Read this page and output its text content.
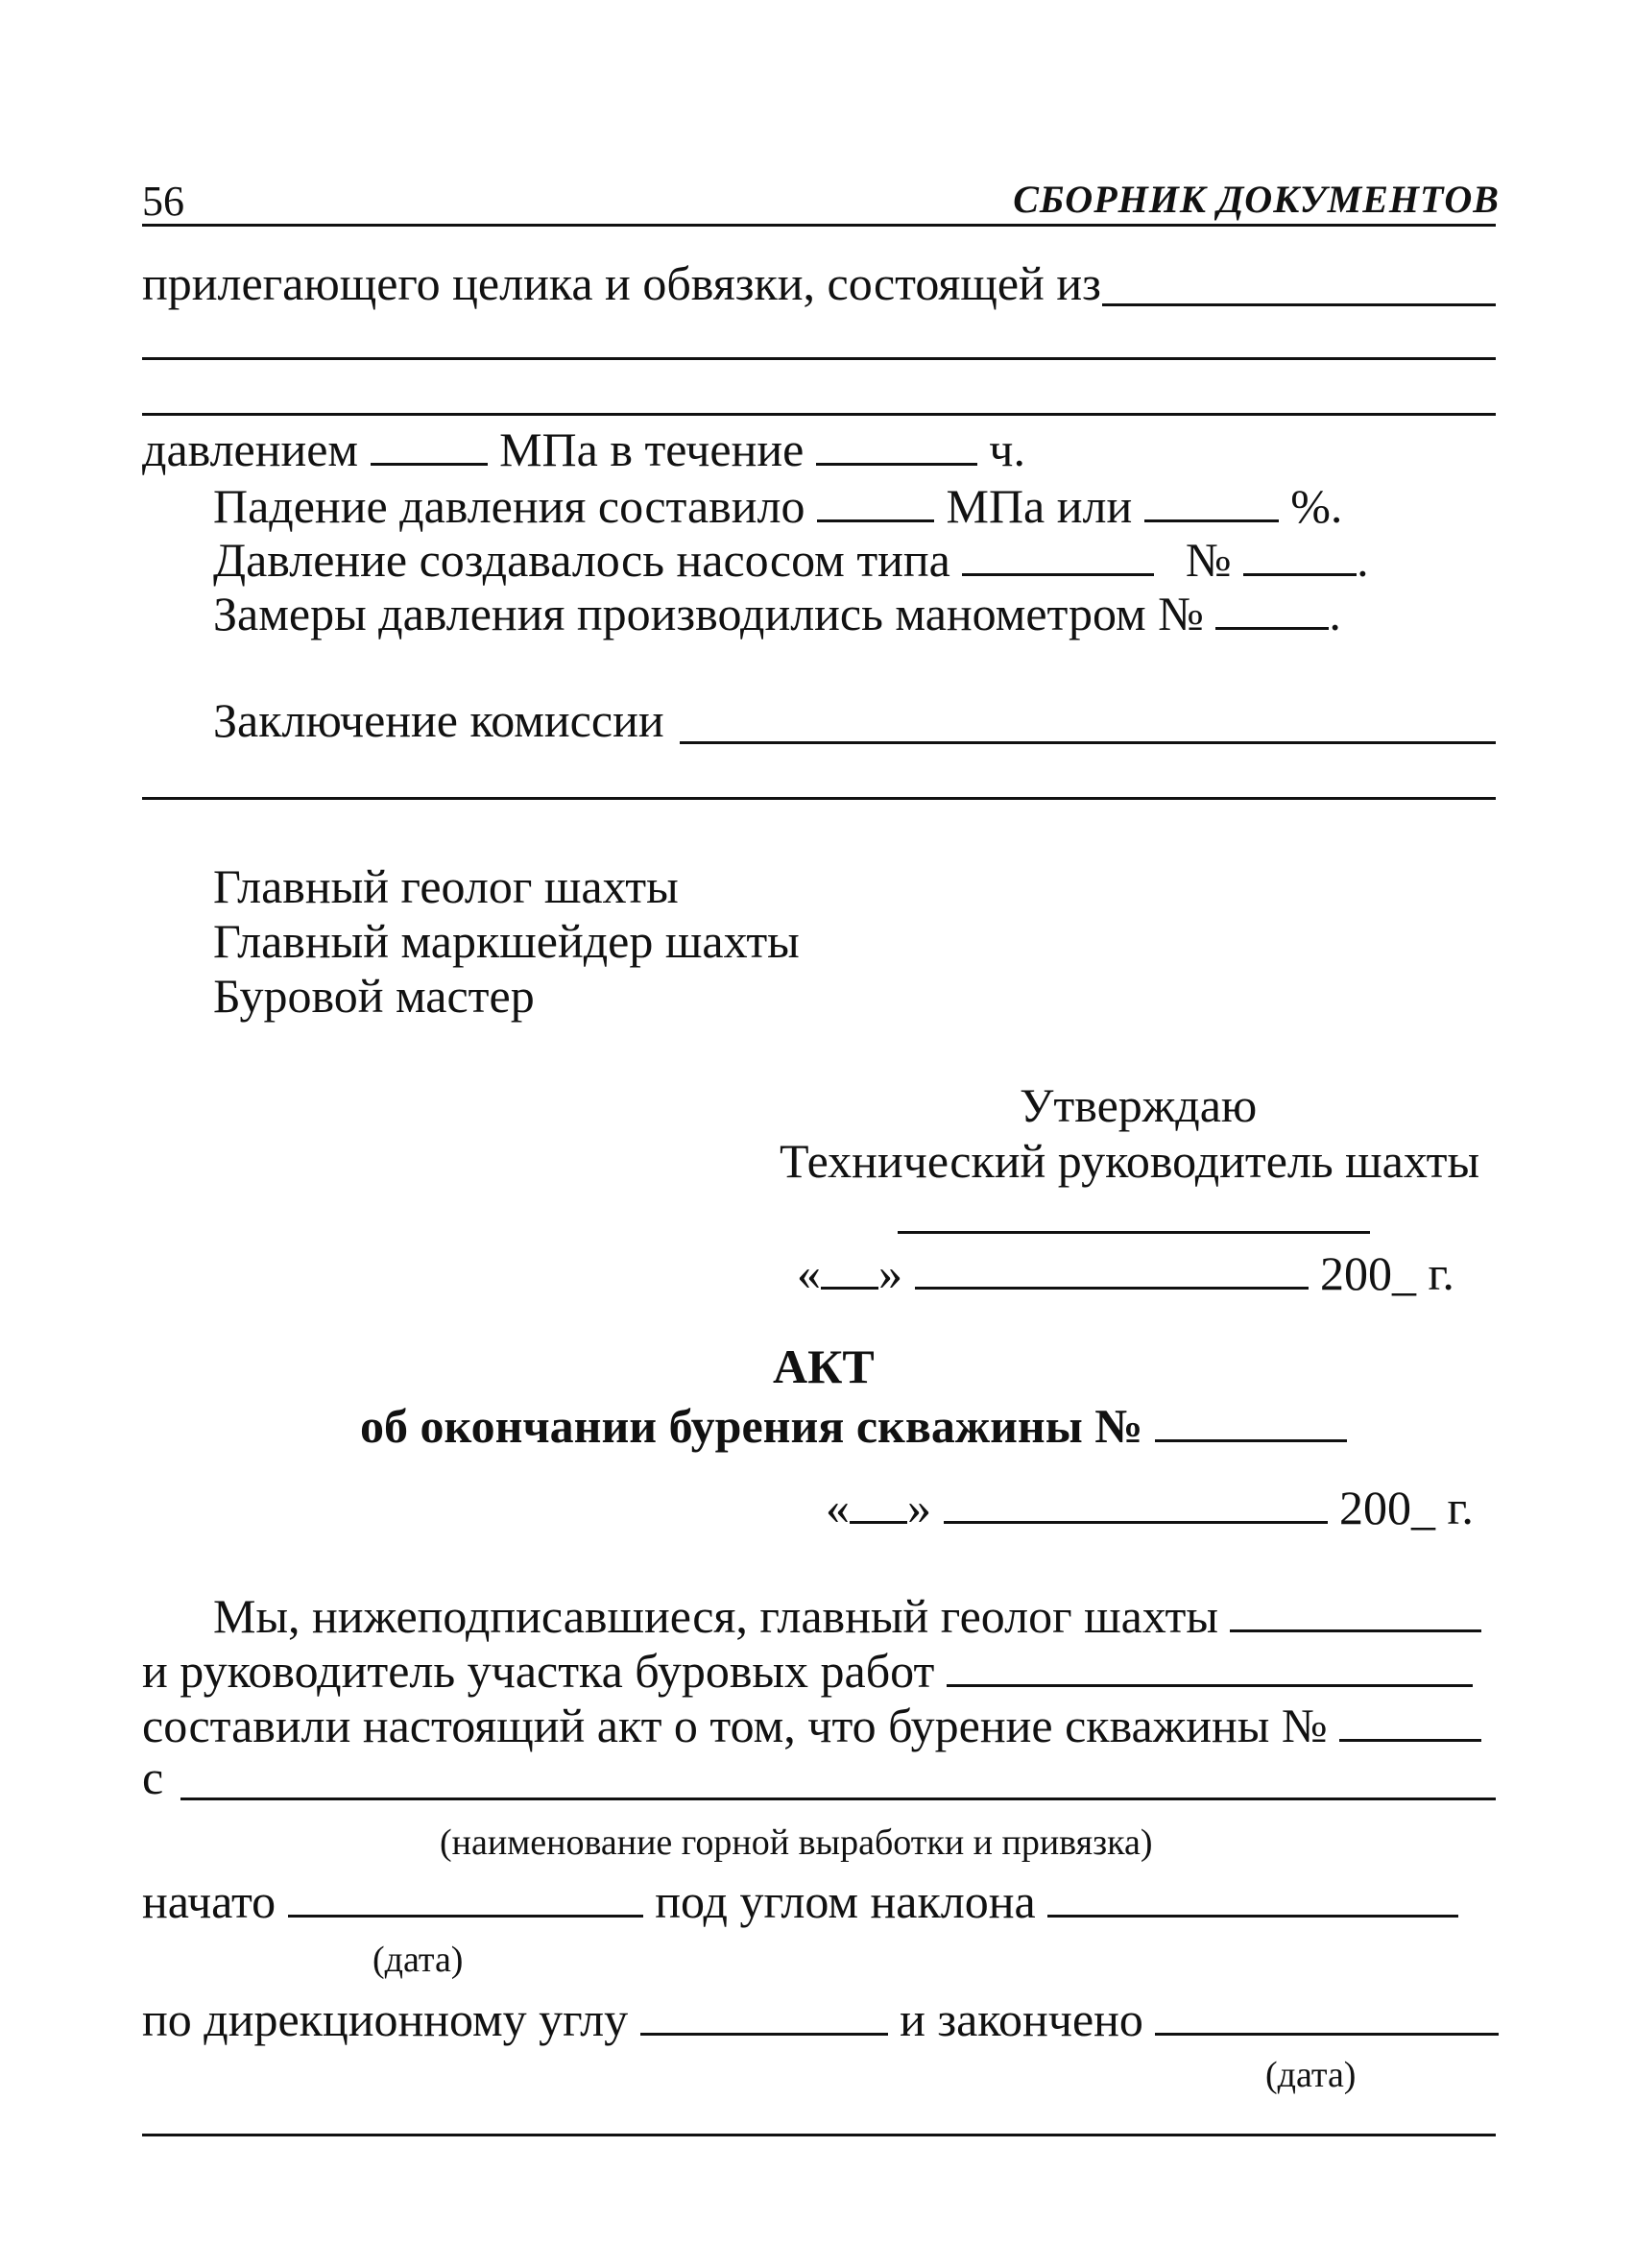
56	СБОРНИК ДОКУМЕНТОВ
прилегающего целика и обвязки, состоящей из
давлением	МПа в течение	ч.
Падение давления составило	МПа или	%.
Давление создавалось насосом типа	№	.
Замеры давления производились манометром №	.
Заключение комиссии
Главный геолог шахты
Главный маркшейдер шахты
Буровой мастер
Утверждаю
Технический руководитель шахты
« »	200_ г.
АКТ
об окончании бурения скважины №
« »	200_ г.
Мы, нижеподписавшиеся, главный геолог шахты
и руководитель участка буровых работ
составили настоящий акт о том, что бурение скважины №
с
(наименование горной выработки и привязка)
начато	под углом наклона
(дата)
по дирекционному углу	и закончено
(дата)
